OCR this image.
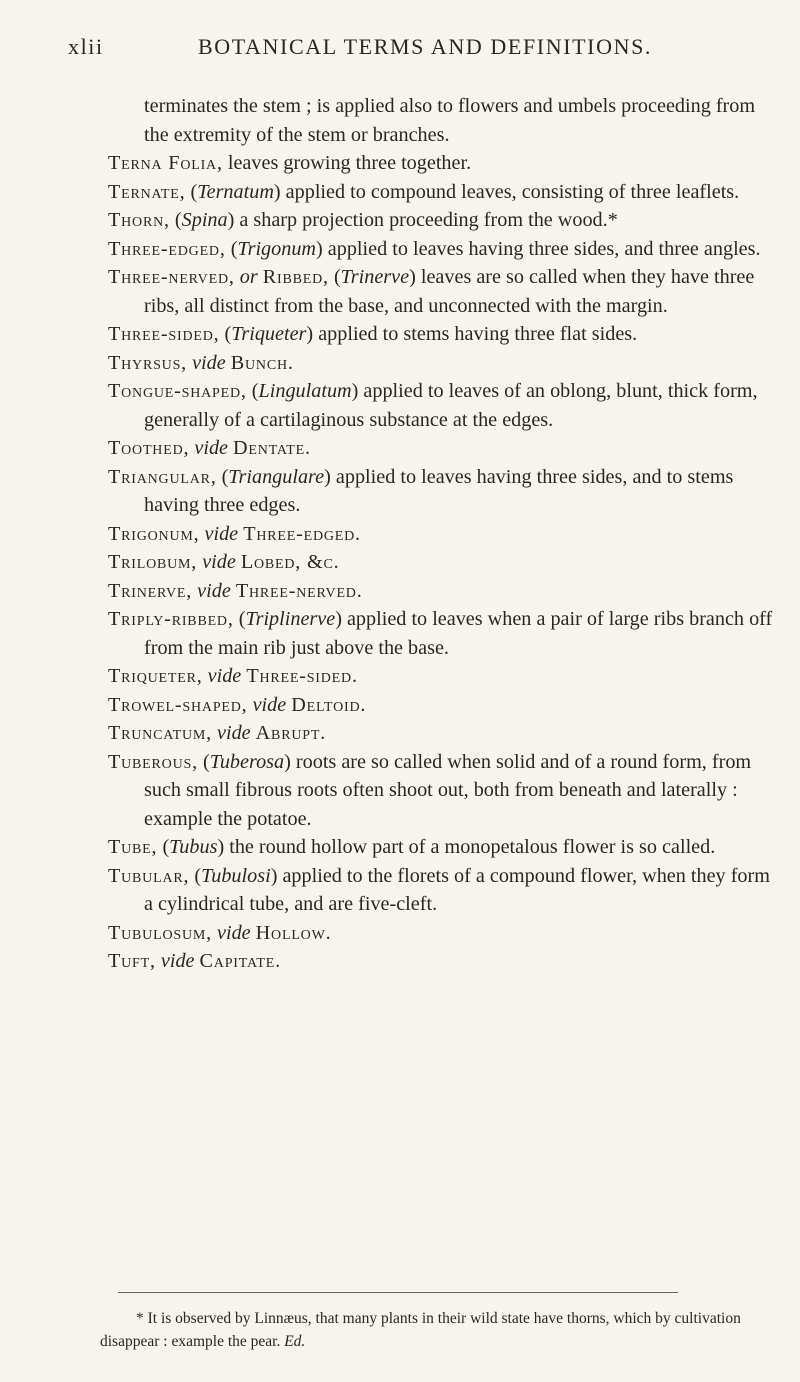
xlii	BOTANICAL TERMS AND DEFINITIONS.
terminates the stem ; is applied also to flowers and umbels proceeding from the extremity of the stem or branches.
Terna Folia, leaves growing three together.
Ternate, (Ternatum) applied to compound leaves, consisting of three leaflets.
Thorn, (Spina) a sharp projection proceeding from the wood.*
Three-edged, (Trigonum) applied to leaves having three sides, and three angles.
Three-nerved, or Ribbed, (Trinerve) leaves are so called when they have three ribs, all distinct from the base, and unconnected with the margin.
Three-sided, (Triqueter) applied to stems having three flat sides.
Thyrsus, vide Bunch.
Tongue-shaped, (Lingulatum) applied to leaves of an oblong, blunt, thick form, generally of a cartilaginous substance at the edges.
Toothed, vide Dentate.
Triangular, (Triangulare) applied to leaves having three sides, and to stems having three edges.
Trigonum, vide Three-edged.
Trilobum, vide Lobed, &c.
Trinerve, vide Three-nerved.
Triply-ribbed, (Triplinerve) applied to leaves when a pair of large ribs branch off from the main rib just above the base.
Triqueter, vide Three-sided.
Trowel-shaped, vide Deltoid.
Truncatum, vide Abrupt.
Tuberous, (Tuberosa) roots are so called when solid and of a round form, from such small fibrous roots often shoot out, both from beneath and laterally : example the potatoe.
Tube, (Tubus) the round hollow part of a monopetalous flower is so called.
Tubular, (Tubulosi) applied to the florets of a compound flower, when they form a cylindrical tube, and are five-cleft.
Tubulosum, vide Hollow.
Tuft, vide Capitate.
* It is observed by Linnæus, that many plants in their wild state have thorns, which by cultivation disappear : example the pear. Ed.
